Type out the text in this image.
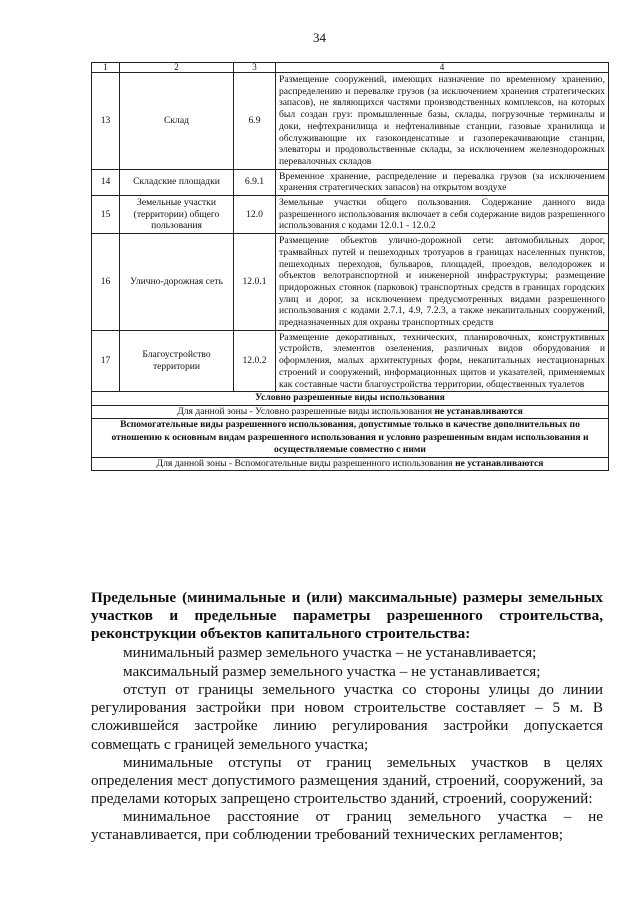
34
1	2	3	4
13	Склад	6.9	Размещение сооружений, имеющих назначение по временному хранению, распределению и перевалке грузов (за исключением хранения стратегических запасов), не являющихся частями производственных комплексов, на которых был создан груз: промышленные базы, склады, погрузочные терминалы и доки, нефтехранилища и нефтеналивные станции, газовые хранилища и обслуживающие их газоконденсатные и газоперекачивающие станции, элеваторы и продовольственные склады, за исключением железнодорожных перевалочных складов
14	Складские площадки	6.9.1	Временное хранение, распределение и перевалка грузов (за исключением хранения стратегических запасов) на открытом воздухе
15	Земельные участки (территории) общего пользования	12.0	Земельные участки общего пользования. Содержание данного вида разрешенного использования включает в себя содержание видов разрешенного использования с кодами 12.0.1 - 12.0.2
16	Улично-дорожная сеть	12.0.1	Размещение объектов улично-дорожной сети: автомобильных дорог, трамвайных путей и пешеходных тротуаров в границах населенных пунктов, пешеходных переходов, бульваров, площадей, проездов, велодорожек и объектов велотранспортной и инженерной инфраструктуры; размещение придорожных стоянок (парковок) транспортных средств в границах городских улиц и дорог, за исключением предусмотренных видами разрешенного использования с кодами 2.7.1, 4.9, 7.2.3, а также некапитальных сооружений, предназначенных для охраны транспортных средств
17	Благоустройство территории	12.0.2	Размещение декоративных, технических, планировочных, конструктивных устройств, элементов озеленения, различных видов оборудования и оформления, малых архитектурных форм, некапитальных нестационарных строений и сооружений, информационных щитов и указателей, применяемых как составные части благоустройства территории, общественных туалетов
Условно разрешенные виды использования			
Для данной зоны - Условно разрешенные виды использования не устанавливаются			
Вспомогательные виды разрешенного использования, допустимые только в качестве дополнительных по отношению к основным видам разрешенного использования и условно разрешенным видам использования и осуществляемые совместно с ними			
Для данной зоны - Вспомогательные виды разрешенного использования не устанавливаются			

Предельные (минимальные и (или) максимальные) размеры земельных участков и предельные параметры разрешенного строительства, реконструкции объектов капитального строительства:

минимальный размер земельного участка – не устанавливается;

максимальный размер земельного участка – не устанавливается;

отступ от границы земельного участка со стороны улицы до линии регулирования застройки при новом строительстве составляет – 5 м. В сложившейся застройке линию регулирования застройки допускается совмещать с границей земельного участка;

минимальные отступы от границ земельных участков в целях определения мест допустимого размещения зданий, строений, сооружений, за пределами которых запрещено строительство зданий, строений, сооружений:

минимальное расстояние от границ земельного участка – не устанавливается, при соблюдении требований технических регламентов;
